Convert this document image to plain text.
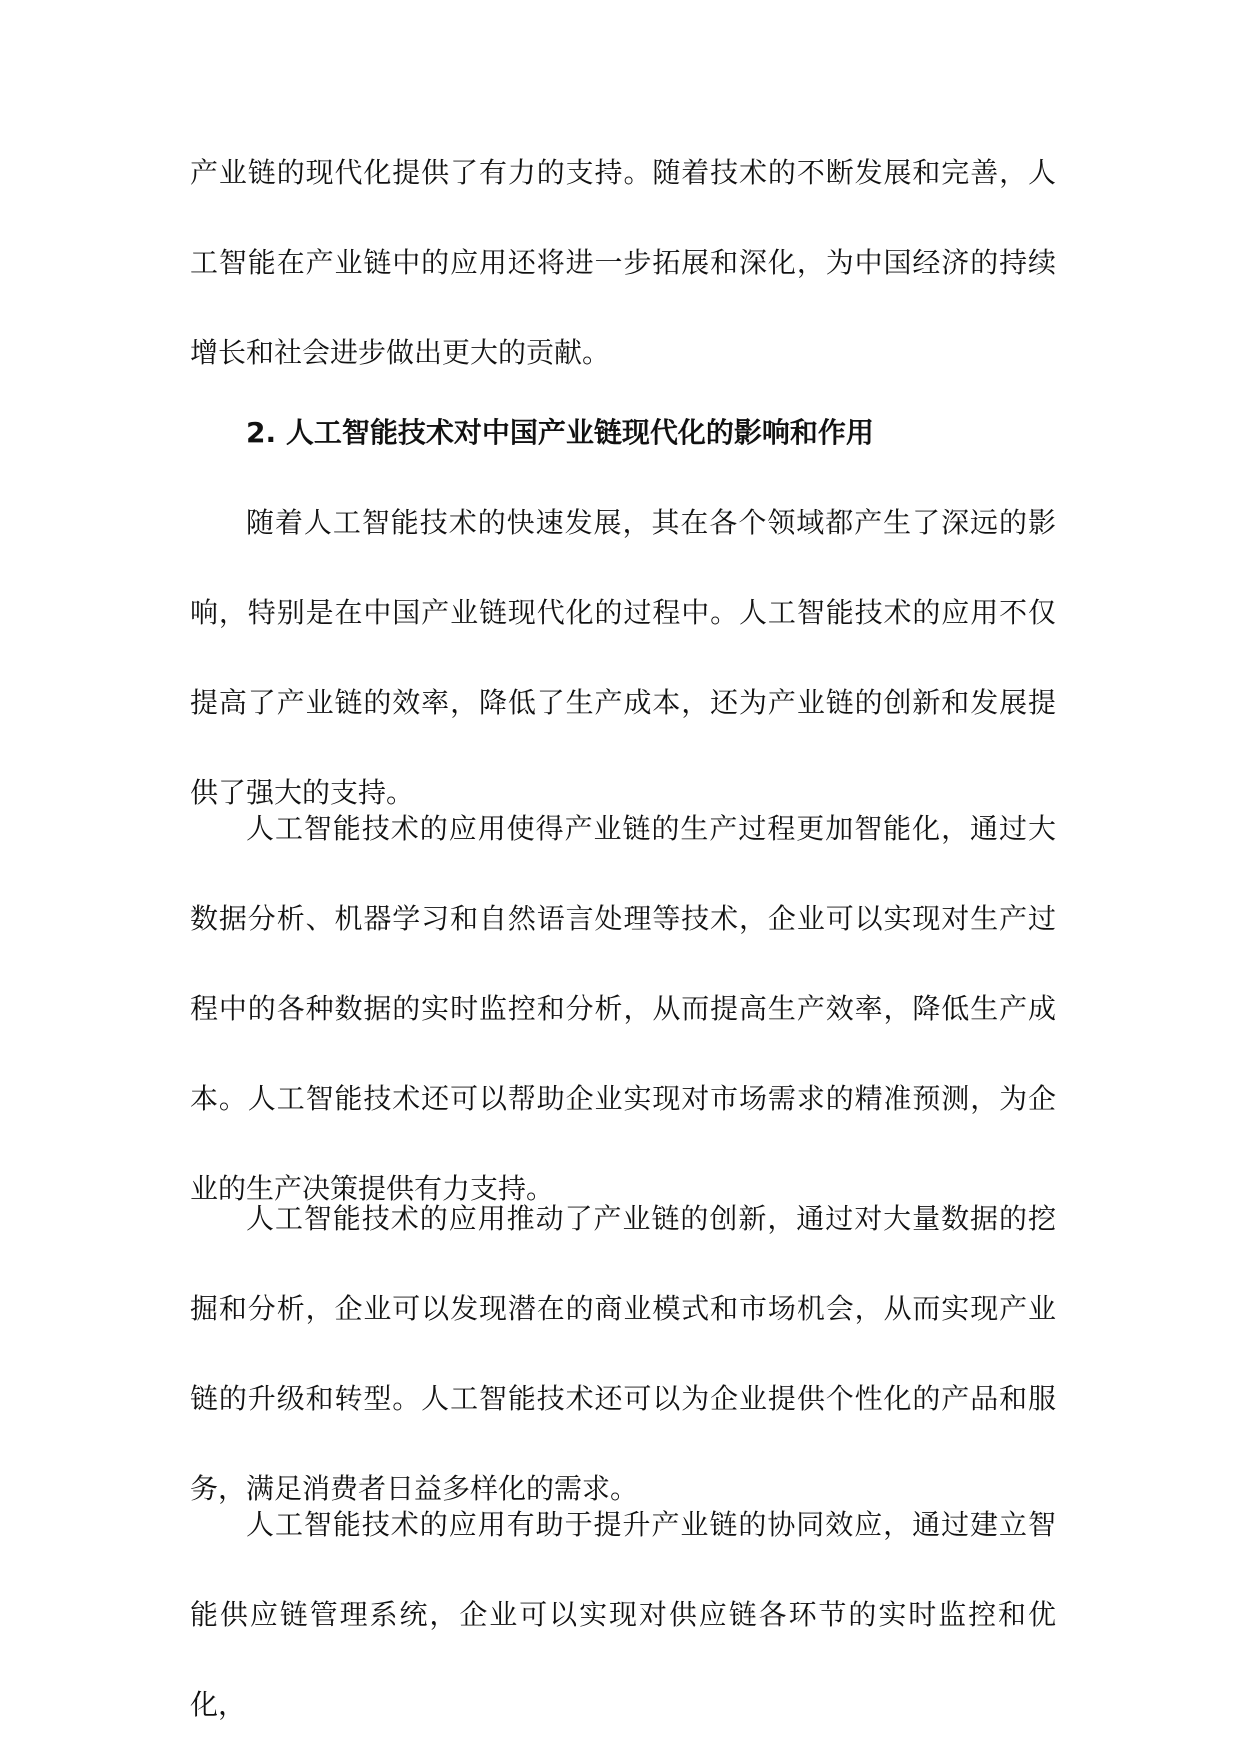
产业链的现代化提供了有力的支持。随着技术的不断发展和完善，人工智能在产业链中的应用还将进一步拓展和深化，为中国经济的持续增长和社会进步做出更大的贡献。

2. 人工智能技术对中国产业链现代化的影响和作用

随着人工智能技术的快速发展，其在各个领域都产生了深远的影响，特别是在中国产业链现代化的过程中。人工智能技术的应用不仅提高了产业链的效率，降低了生产成本，还为产业链的创新和发展提供了强大的支持。

人工智能技术的应用使得产业链的生产过程更加智能化，通过大数据分析、机器学习和自然语言处理等技术，企业可以实现对生产过程中的各种数据的实时监控和分析，从而提高生产效率，降低生产成本。人工智能技术还可以帮助企业实现对市场需求的精准预测，为企业的生产决策提供有力支持。

人工智能技术的应用推动了产业链的创新，通过对大量数据的挖掘和分析，企业可以发现潜在的商业模式和市场机会，从而实现产业链的升级和转型。人工智能技术还可以为企业提供个性化的产品和服务，满足消费者日益多样化的需求。

人工智能技术的应用有助于提升产业链的协同效应，通过建立智能供应链管理系统，企业可以实现对供应链各环节的实时监控和优化，
